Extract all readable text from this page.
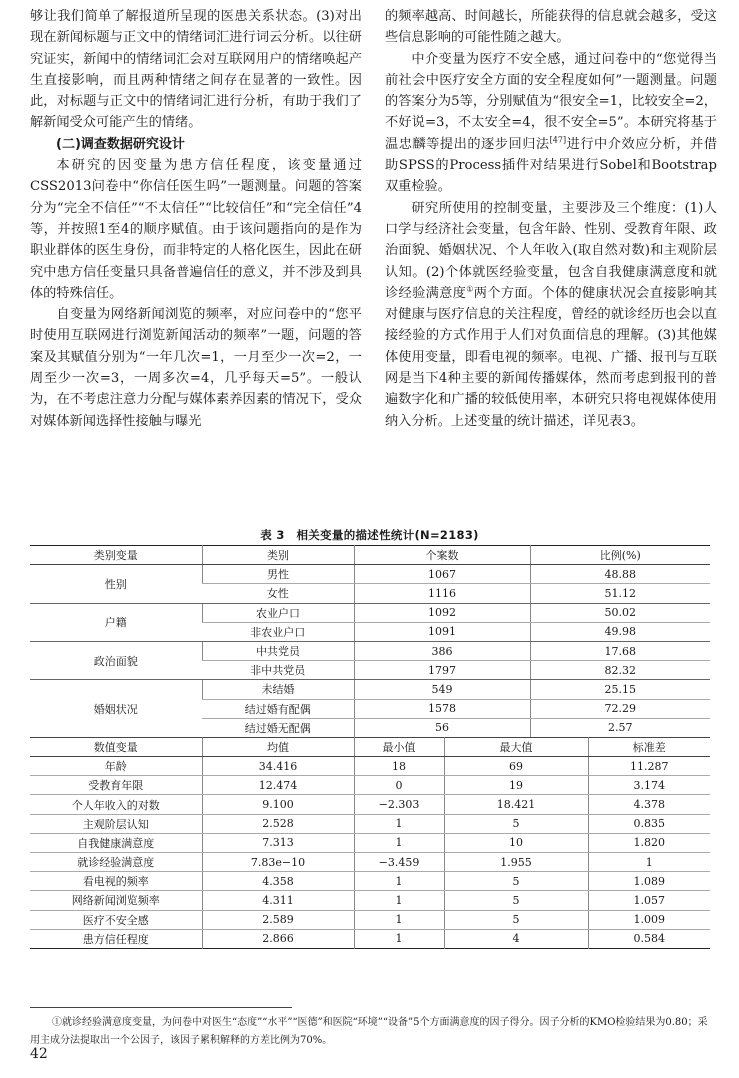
够让我们简单了解报道所呈现的医患关系状态。(3)对出现在新闻标题与正文中的情绪词汇进行词云分析。以往研究证实，新闻中的情绪词汇会对互联网用户的情绪唤起产生直接影响，而且两种情绪之间存在显著的一致性。因此，对标题与正文中的情绪词汇进行分析，有助于我们了解新闻受众可能产生的情绪。

(二)调查数据研究设计

本研究的因变量为患方信任程度，该变量通过CSS2013问卷中“你信任医生吗”一题测量。问题的答案分为“完全不信任”“不太信任”“比较信任”和“完全信任”4等，并按照1至4的顺序赋值。由于该问题指向的是作为职业群体的医生身份，而非特定的人格化医生，因此在研究中患方信任变量只具备普遍信任的意义，并不涉及到具体的特殊信任。

自变量为网络新闻浏览的频率，对应问卷中的“您平时使用互联网进行浏览新闻活动的频率”一题，问题的答案及其赋值分别为“一年几次=1，一月至少一次=2，一周至少一次=3，一周多次=4，几乎每天=5”。一般认为，在不考虑注意力分配与媒体素养因素的情况下，受众对媒体新闻选择性接触与曝光

的频率越高、时间越长，所能获得的信息就会越多，受这些信息影响的可能性随之越大。

中介变量为医疗不安全感，通过问卷中的“您觉得当前社会中医疗安全方面的安全程度如何”一题测量。问题的答案分为5等，分别赋值为“很安全=1，比较安全=2，不好说=3，不太安全=4，很不安全=5”。本研究将基于温忠麟等提出的逐步回归法[47]进行中介效应分析，并借助SPSS的Process插件对结果进行Sobel和Bootstrap双重检验。

研究所使用的控制变量，主要涉及三个维度：(1)人口学与经济社会变量，包含年龄、性别、受教育年限、政治面貌、婚姻状况、个人年收入(取自然对数)和主观阶层认知。(2)个体就医经验变量，包含自我健康满意度和就诊经验满意度①两个方面。个体的健康状况会直接影响其对健康与医疗信息的关注程度，曾经的就诊经历也会以直接经验的方式作用于人们对负面信息的理解。(3)其他媒体使用变量，即看电视的频率。电视、广播、报刊与互联网是当下4种主要的新闻传播媒体，然而考虑到报刊的普遍数字化和广播的较低使用率，本研究只将电视媒体使用纳入分析。上述变量的统计描述，详见表3。

表 3　相关变量的描述性统计(N=2183)
类别变量	类别	个案数	比例(%)
性别	男性	1067	48.88
	女性	1116	51.12
户籍	农业户口	1092	50.02
	非农业户口	1091	49.98
政治面貌	中共党员	386	17.68
	非中共党员	1797	82.32
婚姻状况	未结婚	549	25.15
	结过婚有配偶	1578	72.29
	结过婚无配偶	56	2.57
数值变量	均值	最小值	最大值	标准差
年龄	34.416	18	69	11.287
受教育年限	12.474	0	19	3.174
个人年收入的对数	9.100	−2.303	18.421	4.378
主观阶层认知	2.528	1	5	0.835
自我健康满意度	7.313	1	10	1.820
就诊经验满意度	7.83e−10	−3.459	1.955	1
看电视的频率	4.358	1	5	1.089
网络新闻浏览频率	4.311	1	5	1.057
医疗不安全感	2.589	1	5	1.009
患方信任程度	2.866	1	4	0.584
①就诊经验满意度变量，为问卷中对医生“态度”“水平”“医德”和医院“环境”“设备”5个方面满意度的因子得分。因子分析的KMO检验结果为0.80；采用主成分法提取出一个公因子，该因子累积解释的方差比例为70%。
42
